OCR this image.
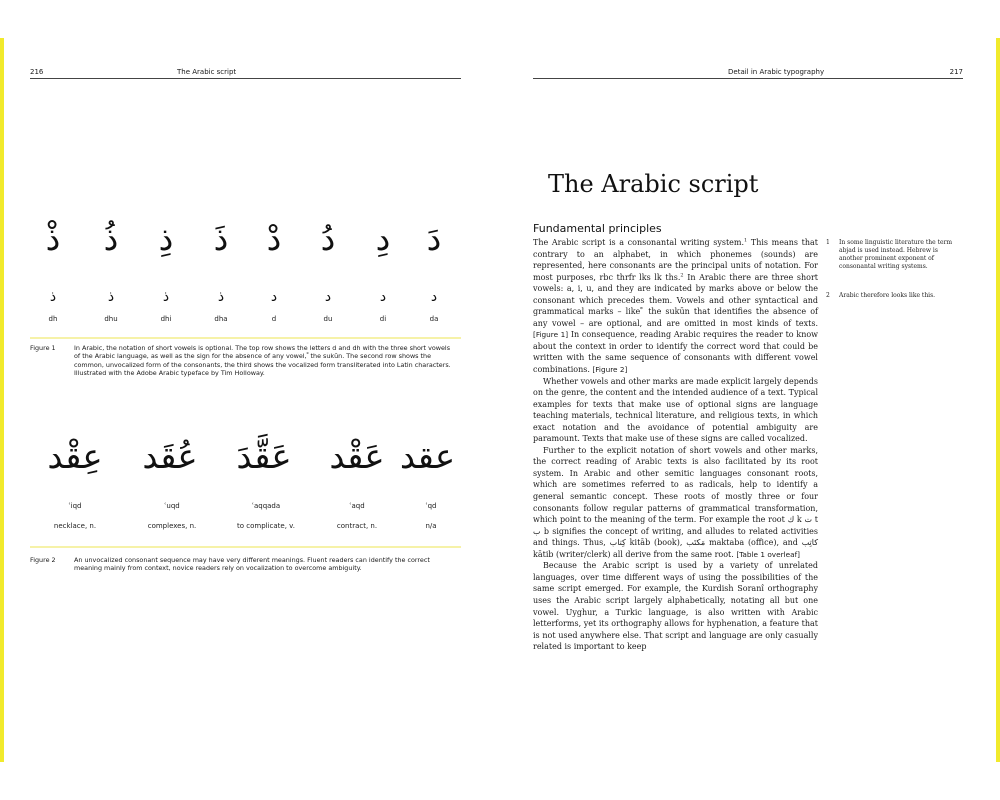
216	The Arabic script
ذْ ذُ ذِ ذَ دْ دُ دِ دَ
ذ	ذ	ذ	ذ	د	د	د	د
dh	dhu	dhi	dha	d	du	di	da
Figure 1	In Arabic, the notation of short vowels is optional. The top row shows the letters d and dh with the three short vowels of the Arabic language, as well as the sign for the absence of any vowel, ْ the sukūn. The second row shows the common, unvocalized form of the consonants, the third shows the vocalized form transliterated into Latin characters. Illustrated with the Adobe Arabic typeface by Tim Holloway.
عِقْد	عُقَد	عَقَّدَ	عَقْد عقد
ʿiqd	ʿuqd	ʿaqqada	ʿaqd	ʿqd
necklace, n.	complexes, n.	to complicate, v.	contract, n.	n/a
Figure 2	An unvocalized consonant sequence may have very different meanings. Fluent readers can identify the correct meaning mainly from context, novice readers rely on vocalization to overcome ambiguity.
Detail in Arabic typography	217
The Arabic script
Fundamental principles

The Arabic script is a consonantal writing system.$^1$ This means that contrary to an alphabet, in which phonemes (sounds) are represented, here consonants are the principal units of notation. For most purposes, rbc thrfr lks lk ths.$^2$ In Arabic there are three short vowels: a, i, u, and they are indicated by marks above or below the consonant which precedes them. Vowels and other syntactical and grammatical marks – like ْ the sukūn that identifies the absence of any vowel – are optional, and are omitted in most kinds of texts. [Figure 1] In consequence, reading Arabic requires the reader to know about the context in order to identify the correct word that could be written with the same sequence of consonants with different vowel combinations. [Figure 2]

Whether vowels and other marks are made explicit largely depends on the genre, the content and the intended audience of a text. Typical examples for texts that make use of optional signs are language teaching materials, technical literature, and religious texts, in which exact notation and the avoidance of potential ambiguity are paramount. Texts that make use of these signs are called vocalized.

Further to the explicit notation of short vowels and other marks, the correct reading of Arabic texts is also facilitated by its root system. In Arabic and other semitic languages consonant roots, which are sometimes referred to as radicals, help to identify a general semantic concept. These roots of mostly three or four consonants follow regular patterns of grammatical transformation, which point to the meaning of the term. For example the root ك k ت t ب b signifies the concept of writing, and alludes to related activities and things. Thus, كِتاب kitāb (book), مَكتَب maktaba (office), and كاتِب kātib (writer/clerk) all derive from the same root. [Table 1 overleaf]

Because the Arabic script is used by a variety of unrelated languages, over time different ways of using the possibilities of the same script emerged. For example, the Kurdish Soranî orthography uses the Arabic script largely alphabetically, notating all but one vowel. Uyghur, a Turkic language, is also written with Arabic letterforms, yet its orthography allows for hyphenation, a feature that is not used anywhere else. That script and language are only casually related is important to keep

1 In some linguistic literature the term abjad is used instead. Hebrew is another prominent exponent of consonantal writing systems.
2 Arabic therefore looks like this.
